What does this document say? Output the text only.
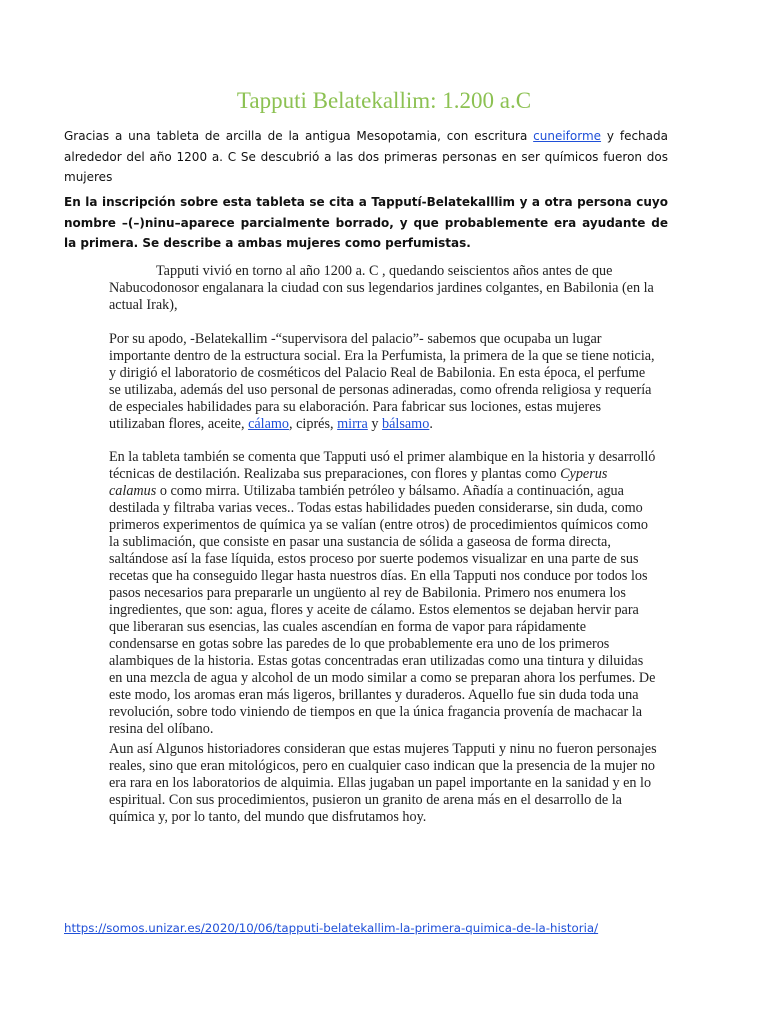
Tapputi Belatekallim: 1.200 a.C
Gracias a una tableta de arcilla de la antigua Mesopotamia, con escritura cuneiforme y fechada alrededor del año 1200 a. C Se descubrió a las dos primeras personas en ser químicos fueron dos mujeres
En la inscripción sobre esta tableta se cita a Tapputí-Belatekalllim y a otra persona cuyo nombre –(–)ninu–aparece parcialmente borrado, y que probablemente era ayudante de la primera. Se describe a ambas mujeres como perfumistas.

Tapputi vivió en torno al año 1200 a. C , quedando seiscientos años antes de que Nabucodonosor engalanara la ciudad con sus legendarios jardines colgantes, en Babilonia (en la actual Irak),

Por su apodo, -Belatekallim -“supervisora del palacio”- sabemos que ocupaba un lugar importante dentro de la estructura social. Era la Perfumista, la primera de la que se tiene noticia, y dirigió el laboratorio de cosméticos del Palacio Real de Babilonia. En esta época, el perfume se utilizaba, además del uso personal de personas adineradas, como ofrenda religiosa y requería de especiales habilidades para su elaboración. Para fabricar sus lociones, estas mujeres utilizaban flores, aceite, cálamo, ciprés, mirra y bálsamo.

En la tableta también se comenta que Tapputi usó el primer alambique en la historia y desarrolló técnicas de destilación. Realizaba sus preparaciones, con flores y plantas como Cyperus calamus o como mirra. Utilizaba también petróleo y bálsamo. Añadía a continuación, agua destilada y filtraba varias veces.. Todas estas habilidades pueden considerarse, sin duda, como primeros experimentos de química ya se valían (entre otros) de procedimientos químicos como la sublimación, que consiste en pasar una sustancia de sólida a gaseosa de forma directa, saltándose así la fase líquida, estos proceso por suerte podemos visualizar en una parte de sus recetas que ha conseguido llegar hasta nuestros días. En ella Tapputi nos conduce por todos los pasos necesarios para prepararle un ungüento al rey de Babilonia. Primero nos enumera los ingredientes, que son: agua, flores y aceite de cálamo. Estos elementos se dejaban hervir para que liberaran sus esencias, las cuales ascendían en forma de vapor para rápidamente condensarse en gotas sobre las paredes de lo que probablemente era uno de los primeros alambiques de la historia. Estas gotas concentradas eran utilizadas como una tintura y diluidas en una mezcla de agua y alcohol de un modo similar a como se preparan ahora los perfumes. De este modo, los aromas eran más ligeros, brillantes y duraderos. Aquello fue sin duda toda una revolución, sobre todo viniendo de tiempos en que la única fragancia provenía de machacar la resina del olíbano.

Aun así Algunos historiadores consideran que estas mujeres Tapputi y ninu no fueron personajes reales, sino que eran mitológicos, pero en cualquier caso indican que la presencia de la mujer no era rara en los laboratorios de alquimia. Ellas jugaban un papel importante en la sanidad y en lo espiritual. Con sus procedimientos, pusieron un granito de arena más en el desarrollo de la química y, por lo tanto, del mundo que disfrutamos hoy.

https://somos.unizar.es/2020/10/06/tapputi-belatekallim-la-primera-quimica-de-la-historia/
